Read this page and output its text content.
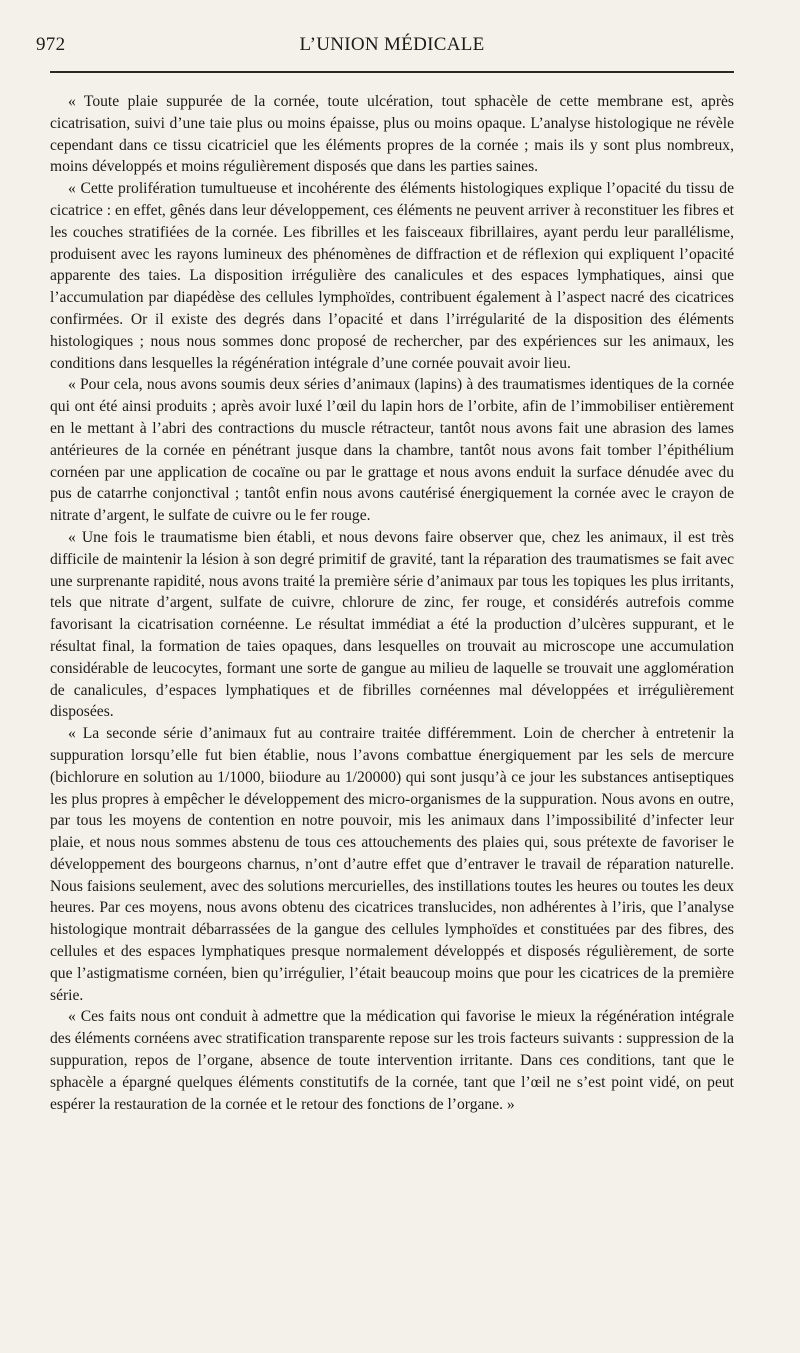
972	L’UNION MÉDICALE

« Toute plaie suppurée de la cornée, toute ulcération, tout sphacèle de cette membrane est, après cicatrisation, suivi d’une taie plus ou moins épaisse, plus ou moins opaque. L’analyse histologique ne révèle cependant dans ce tissu cicatriciel que les éléments propres de la cornée ; mais ils y sont plus nombreux, moins développés et moins régulièrement disposés que dans les parties saines.

« Cette prolifération tumultueuse et incohérente des éléments histologiques explique l’opacité du tissu de cicatrice : en effet, gênés dans leur développement, ces éléments ne peuvent arriver à reconstituer les fibres et les couches stratifiées de la cornée. Les fibrilles et les faisceaux fibrillaires, ayant perdu leur parallélisme, produisent avec les rayons lumineux des phénomènes de diffraction et de réflexion qui expliquent l’opacité apparente des taies. La disposition irrégulière des canalicules et des espaces lymphatiques, ainsi que l’accumulation par diapédèse des cellules lymphoïdes, contribuent également à l’aspect nacré des cicatrices confirmées. Or il existe des degrés dans l’opacité et dans l’irrégularité de la disposition des éléments histologiques ; nous nous sommes donc proposé de rechercher, par des expériences sur les animaux, les conditions dans lesquelles la régénération intégrale d’une cornée pouvait avoir lieu.

« Pour cela, nous avons soumis deux séries d’animaux (lapins) à des traumatismes identiques de la cornée qui ont été ainsi produits ; après avoir luxé l’œil du lapin hors de l’orbite, afin de l’immobiliser entièrement en le mettant à l’abri des contractions du muscle rétracteur, tantôt nous avons fait une abrasion des lames antérieures de la cornée en pénétrant jusque dans la chambre, tantôt nous avons fait tomber l’épithélium cornéen par une application de cocaïne ou par le grattage et nous avons enduit la surface dénudée avec du pus de catarrhe conjonctival ; tantôt enfin nous avons cautérisé énergiquement la cornée avec le crayon de nitrate d’argent, le sulfate de cuivre ou le fer rouge.

« Une fois le traumatisme bien établi, et nous devons faire observer que, chez les animaux, il est très difficile de maintenir la lésion à son degré primitif de gravité, tant la réparation des traumatismes se fait avec une surprenante rapidité, nous avons traité la première série d’animaux par tous les topiques les plus irritants, tels que nitrate d’argent, sulfate de cuivre, chlorure de zinc, fer rouge, et considérés autrefois comme favorisant la cicatrisation cornéenne. Le résultat immédiat a été la production d’ulcères suppurant, et le résultat final, la formation de taies opaques, dans lesquelles on trouvait au microscope une accumulation considérable de leucocytes, formant une sorte de gangue au milieu de laquelle se trouvait une agglomération de canalicules, d’espaces lymphatiques et de fibrilles cornéennes mal développées et irrégulièrement disposées.

« La seconde série d’animaux fut au contraire traitée différemment. Loin de chercher à entretenir la suppuration lorsqu’elle fut bien établie, nous l’avons combattue énergiquement par les sels de mercure (bichlorure en solution au 1/1000, biiodure au 1/20000) qui sont jusqu’à ce jour les substances antiseptiques les plus propres à empêcher le développement des micro-organismes de la suppuration. Nous avons en outre, par tous les moyens de contention en notre pouvoir, mis les animaux dans l’impossibilité d’infecter leur plaie, et nous nous sommes abstenu de tous ces attouchements des plaies qui, sous prétexte de favoriser le développement des bourgeons charnus, n’ont d’autre effet que d’entraver le travail de réparation naturelle. Nous faisions seulement, avec des solutions mercurielles, des instillations toutes les heures ou toutes les deux heures. Par ces moyens, nous avons obtenu des cicatrices translucides, non adhérentes à l’iris, que l’analyse histologique montrait débarrassées de la gangue des cellules lymphoïdes et constituées par des fibres, des cellules et des espaces lymphatiques presque normalement développés et disposés régulièrement, de sorte que l’astigmatisme cornéen, bien qu’irrégulier, l’était beaucoup moins que pour les cicatrices de la première série.

« Ces faits nous ont conduit à admettre que la médication qui favorise le mieux la régénération intégrale des éléments cornéens avec stratification transparente repose sur les trois facteurs suivants : suppression de la suppuration, repos de l’organe, absence de toute intervention irritante. Dans ces conditions, tant que le sphacèle a épargné quelques éléments constitutifs de la cornée, tant que l’œil ne s’est point vidé, on peut espérer la restauration de la cornée et le retour des fonctions de l’organe. »
